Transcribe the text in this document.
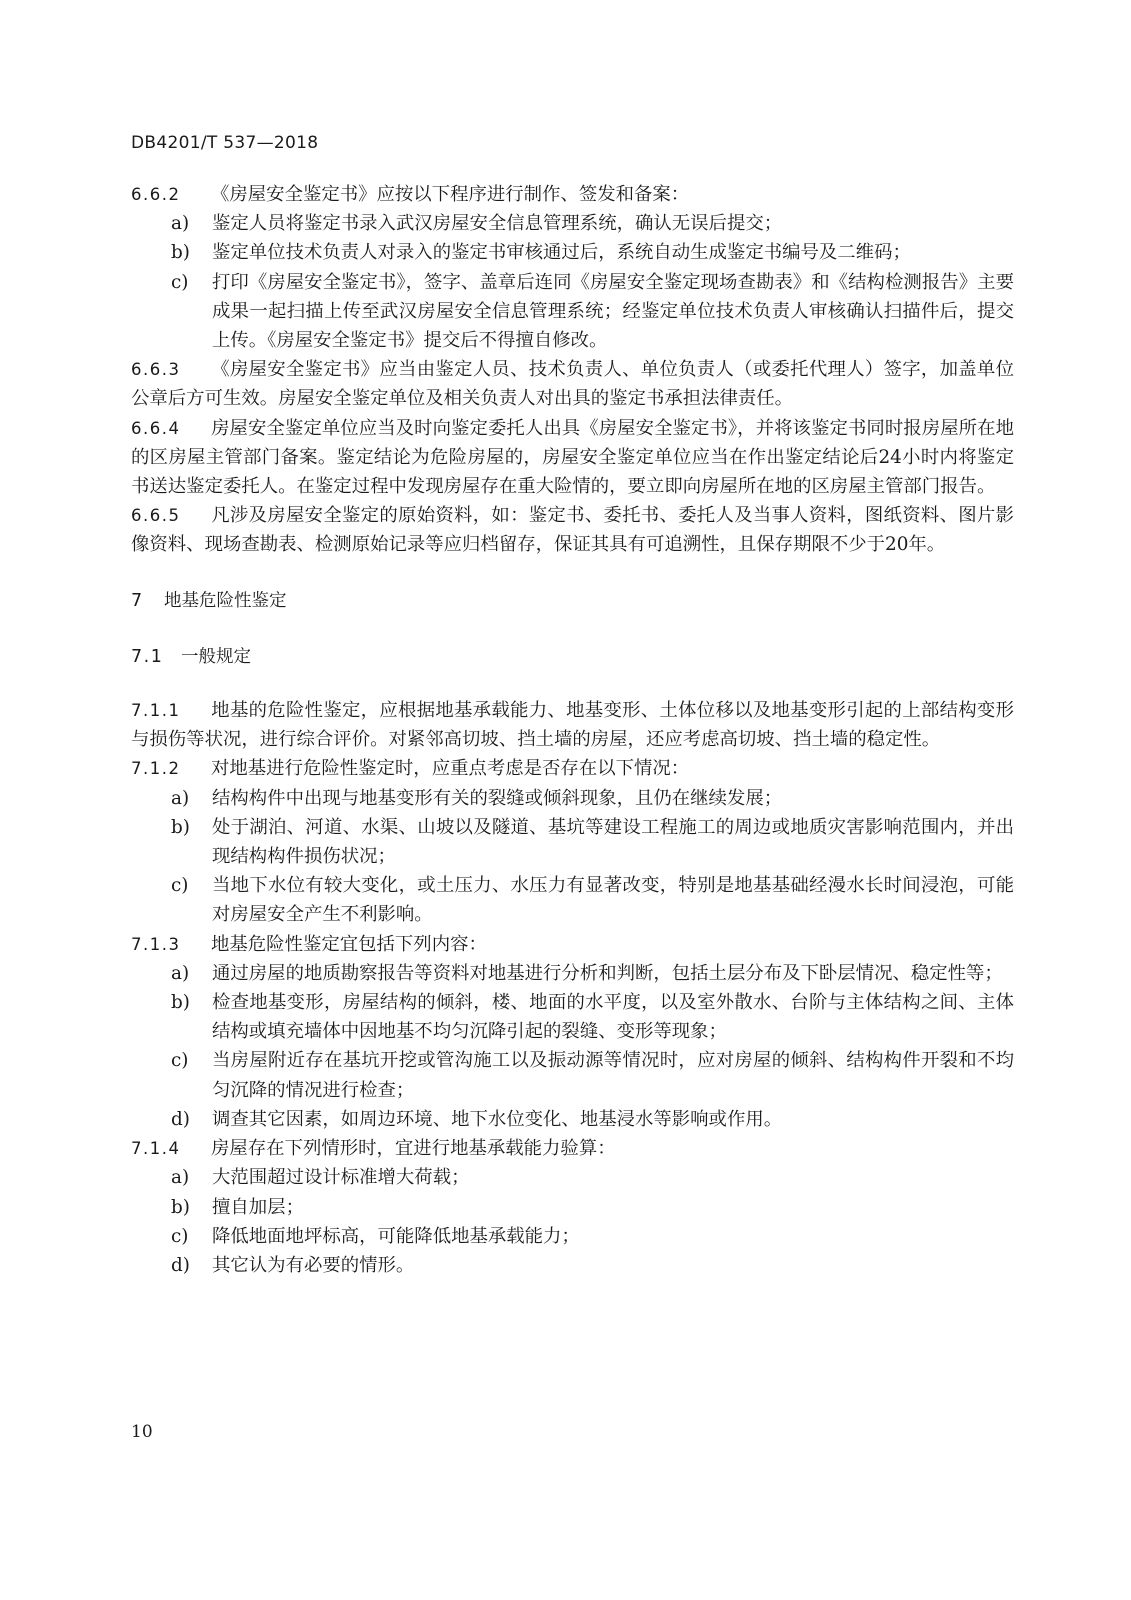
DB4201/T 537—2018

6.6.2 《房屋安全鉴定书》应按以下程序进行制作、签发和备案：

a) 鉴定人员将鉴定书录入武汉房屋安全信息管理系统，确认无误后提交；

b) 鉴定单位技术负责人对录入的鉴定书审核通过后，系统自动生成鉴定书编号及二维码；

c) 打印《房屋安全鉴定书》，签字、盖章后连同《房屋安全鉴定现场查勘表》和《结构检测报告》主要成果一起扫描上传至武汉房屋安全信息管理系统；经鉴定单位技术负责人审核确认扫描件后，提交上传。《房屋安全鉴定书》提交后不得擅自修改。

6.6.3 《房屋安全鉴定书》应当由鉴定人员、技术负责人、单位负责人（或委托代理人）签字，加盖单位公章后方可生效。房屋安全鉴定单位及相关负责人对出具的鉴定书承担法律责任。

6.6.4 房屋安全鉴定单位应当及时向鉴定委托人出具《房屋安全鉴定书》，并将该鉴定书同时报房屋所在地的区房屋主管部门备案。鉴定结论为危险房屋的，房屋安全鉴定单位应当在作出鉴定结论后24小时内将鉴定书送达鉴定委托人。在鉴定过程中发现房屋存在重大险情的，要立即向房屋所在地的区房屋主管部门报告。

6.6.5 凡涉及房屋安全鉴定的原始资料，如：鉴定书、委托书、委托人及当事人资料，图纸资料、图片影像资料、现场查勘表、检测原始记录等应归档留存，保证其具有可追溯性，且保存期限不少于20年。

7 地基危险性鉴定

7.1 一般规定

7.1.1 地基的危险性鉴定，应根据地基承载能力、地基变形、土体位移以及地基变形引起的上部结构变形与损伤等状况，进行综合评价。对紧邻高切坡、挡土墙的房屋，还应考虑高切坡、挡土墙的稳定性。

7.1.2 对地基进行危险性鉴定时，应重点考虑是否存在以下情况：

a) 结构构件中出现与地基变形有关的裂缝或倾斜现象，且仍在继续发展；

b) 处于湖泊、河道、水渠、山坡以及隧道、基坑等建设工程施工的周边或地质灾害影响范围内，并出现结构构件损伤状况；

c) 当地下水位有较大变化，或土压力、水压力有显著改变，特别是地基基础经漫水长时间浸泡，可能对房屋安全产生不利影响。

7.1.3 地基危险性鉴定宜包括下列内容：

a) 通过房屋的地质勘察报告等资料对地基进行分析和判断，包括土层分布及下卧层情况、稳定性等；

b) 检查地基变形，房屋结构的倾斜，楼、地面的水平度，以及室外散水、台阶与主体结构之间、主体结构或填充墙体中因地基不均匀沉降引起的裂缝、变形等现象；

c) 当房屋附近存在基坑开挖或管沟施工以及振动源等情况时，应对房屋的倾斜、结构构件开裂和不均匀沉降的情况进行检查；

d) 调查其它因素，如周边环境、地下水位变化、地基浸水等影响或作用。

7.1.4 房屋存在下列情形时，宜进行地基承载能力验算：

a) 大范围超过设计标准增大荷载；

b) 擅自加层；

c) 降低地面地坪标高，可能降低地基承载能力；

d) 其它认为有必要的情形。

10
